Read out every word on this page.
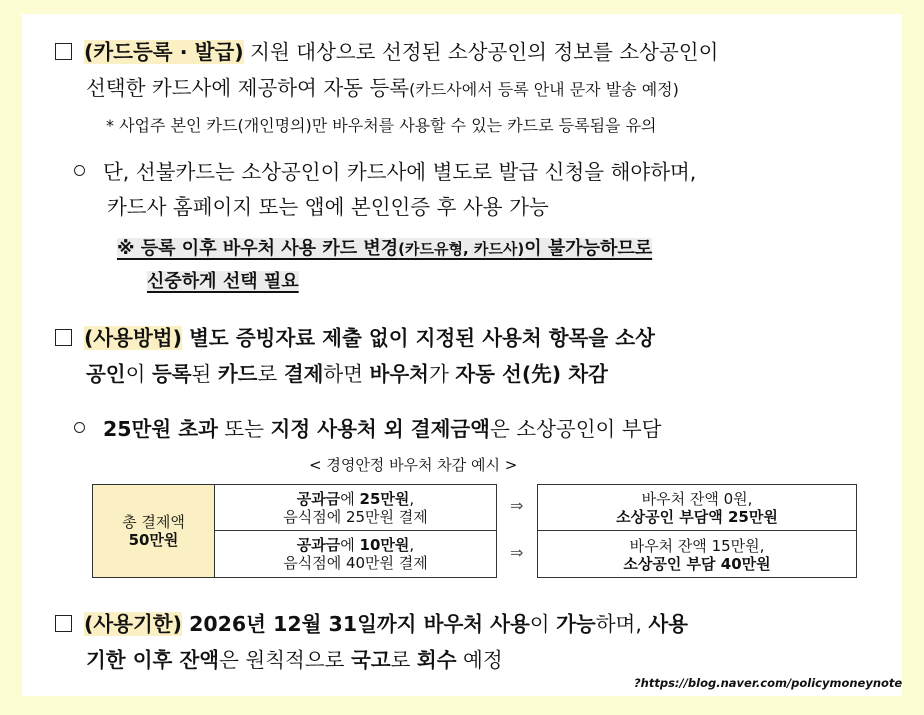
(카드등록 · 발급) 지원 대상으로 선정된 소상공인의 정보를 소상공인이
선택한 카드사에 제공하여 자동 등록(카드사에서 등록 안내 문자 발송 예정)
* 사업주 본인 카드(개인명의)만 바우처를 사용할 수 있는 카드로 등록됨을 유의
단, 선불카드는 소상공인이 카드사에 별도로 발급 신청을 해야하며,
카드사 홈페이지 또는 앱에 본인인증 후 사용 가능
※ 등록 이후 바우처 사용 카드 변경(카드유형, 카드사)이 불가능하므로
신중하게 선택 필요
(사용방법) 별도 증빙자료 제출 없이 지정된 사용처 항목을 소상
공인이 등록된 카드로 결제하면 바우처가 자동 선(先) 차감
25만원 초과 또는 지정 사용처 외 결제금액은 소상공인이 부담
< 경영안정 바우처 차감 예시 >
총 결제액
50만원
공과금에 25만원,
음식점에 25만원 결제
공과금에 10만원,
음식점에 40만원 결제
⇒
⇒
바우처 잔액 0원,
소상공인 부담액 25만원
바우처 잔액 15만원,
소상공인 부담 40만원
(사용기한) 2026년 12월 31일까지 바우처 사용이 가능하며, 사용
기한 이후 잔액은 원칙적으로 국고로 회수 예정
?https://blog.naver.com/policymoneynote
